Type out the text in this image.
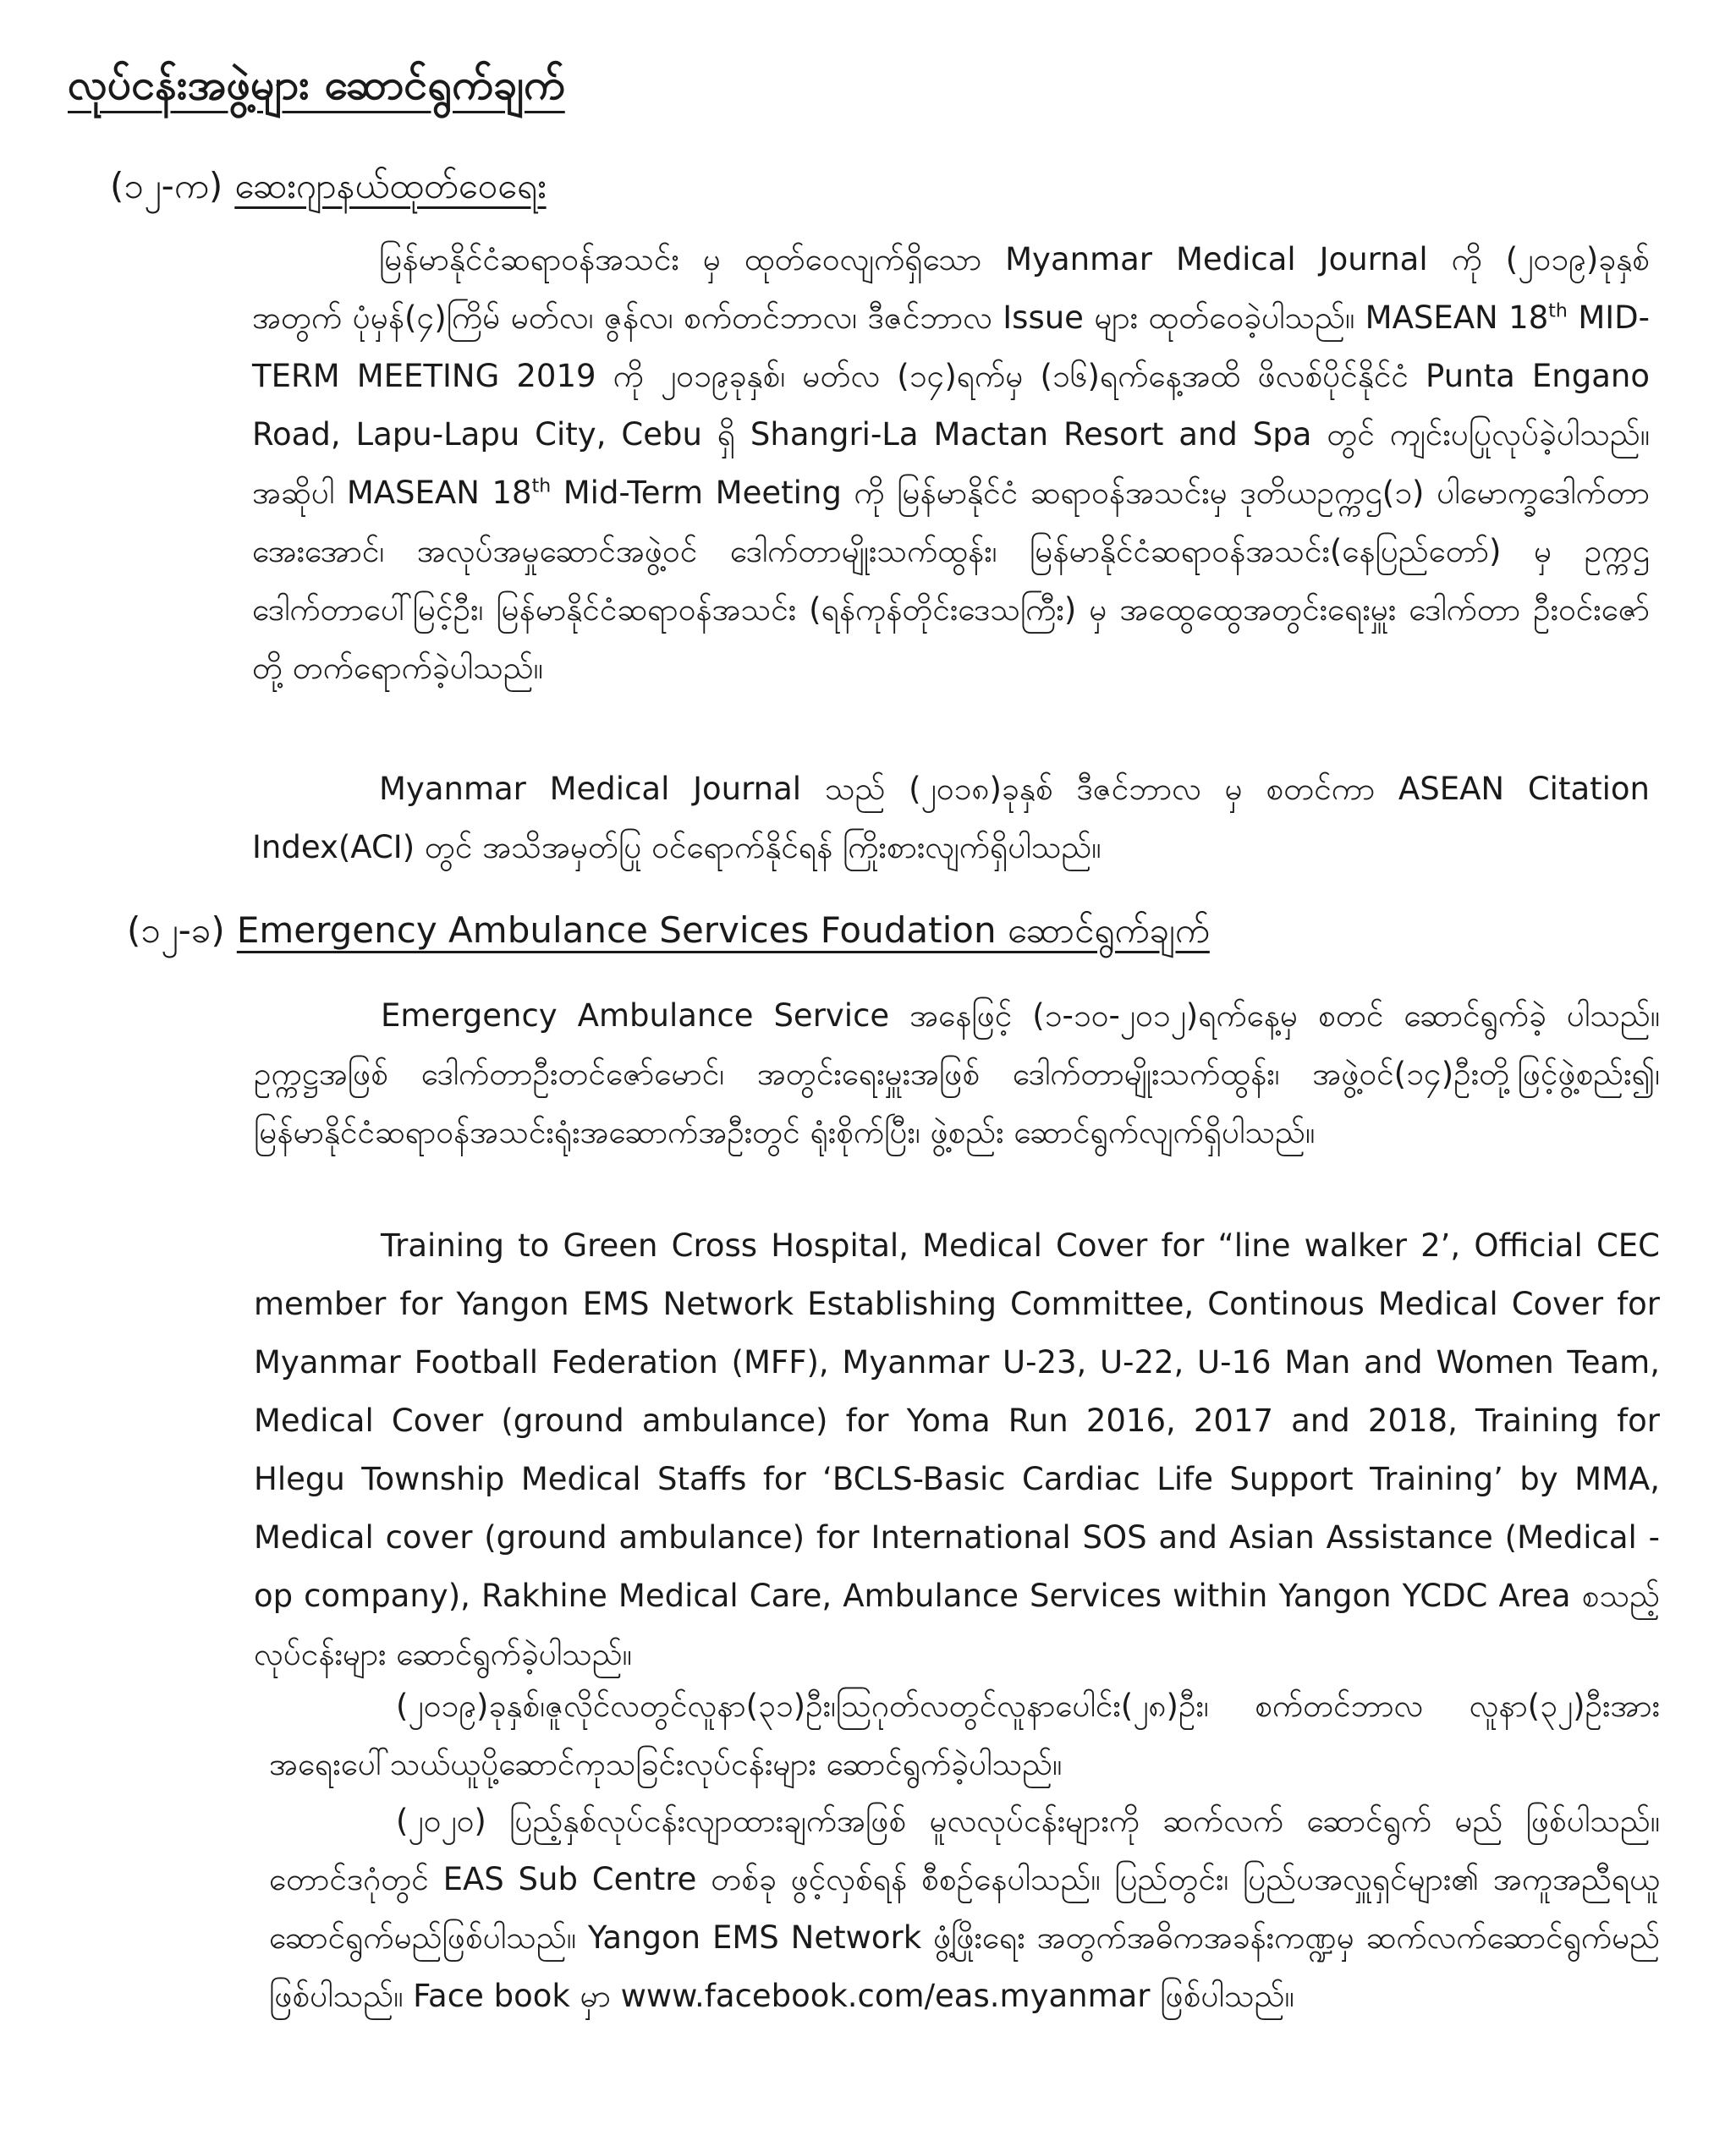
လုပ်ငန်းအဖွဲ့များ ဆောင်ရွက်ချက်
(၁၂-က) ဆေးဂျာနယ်ထုတ်ဝေရေး
မြန်မာနိုင်ငံဆရာဝန်အသင်း မှ ထုတ်ဝေလျက်ရှိသော Myanmar Medical Journal ကို (၂၀၁၉)ခုနှစ် အတွက် ပုံမှန်(၄)ကြိမ် မတ်လ၊ ဇွန်လ၊ စက်တင်ဘာလ၊ ဒီဇင်ဘာလ Issue များ ထုတ်ဝေခဲ့ပါသည်။ MASEAN 18th MID-TERM MEETING 2019 ကို ၂၀၁၉ခုနှစ်၊ မတ်လ (၁၄)ရက်မှ (၁၆)ရက်နေ့အထိ ဖိလစ်ပိုင်နိုင်ငံ Punta Engano Road, Lapu-Lapu City, Cebu ရှိ Shangri-La Mactan Resort and Spa တွင် ကျင်းပပြုလုပ်ခဲ့ပါသည်။ အဆိုပါ MASEAN 18th Mid-Term Meeting ကို မြန်မာနိုင်ငံ ဆရာဝန်အသင်းမှ ဒုတိယဥက္ကဌ(၁) ပါမောက္ခဒေါက်တာအေးအောင်၊ အလုပ်အမှုဆောင်အဖွဲ့ဝင် ဒေါက်တာမျိုးသက်ထွန်း၊ မြန်မာနိုင်ငံဆရာဝန်အသင်း(နေပြည်တော်) မှ ဥက္ကဌ ဒေါက်တာပေါ်မြင့်ဦး၊ မြန်မာနိုင်ငံဆရာဝန်အသင်း (ရန်ကုန်တိုင်းဒေသကြီး) မှ အထွေထွေအတွင်းရေးမှူး ဒေါက်တာ ဦးဝင်းဇော် တို့ တက်ရောက်ခဲ့ပါသည်။
Myanmar Medical Journal သည် (၂၀၁၈)ခုနှစ် ဒီဇင်ဘာလ မှ စတင်ကာ ASEAN Citation Index(ACI) တွင် အသိအမှတ်ပြု ဝင်ရောက်နိုင်ရန် ကြိုးစားလျက်ရှိပါသည်။
(၁၂-ခ) Emergency Ambulance Services Foudation ဆောင်ရွက်ချက်
Emergency Ambulance Service အနေဖြင့် (၁-၁၀-၂၀၁၂)ရက်နေ့မှ စတင် ဆောင်ရွက်ခဲ့ ပါသည်။ ဥက္ကဋ္ဌအဖြစ် ဒေါက်တာဦးတင်ဇော်မောင်၊ အတွင်းရေးမှူးအဖြစ် ဒေါက်တာမျိုးသက်ထွန်း၊ အဖွဲ့ဝင်(၁၄)ဦးတို့ဖြင့်ဖွဲ့စည်း၍၊ မြန်မာနိုင်ငံဆရာဝန်အသင်းရုံးအဆောက်အဦးတွင် ရုံးစိုက်ပြီး၊ ဖွဲ့စည်း ဆောင်ရွက်လျက်ရှိပါသည်။
Training to Green Cross Hospital, Medical Cover for “line walker 2’, Official CEC member for Yangon EMS Network Establishing Committee, Continous Medical Cover for Myanmar Football Federation (MFF), Myanmar U-23, U-22, U-16 Man and Women Team, Medical Cover (ground ambulance) for Yoma Run 2016, 2017 and 2018, Training for Hlegu Township Medical Staffs for ‘BCLS-Basic Cardiac Life Support Training’ by MMA, Medical cover (ground ambulance) for International SOS and Asian Assistance (Medical -op company), Rakhine Medical Care, Ambulance Services within Yangon YCDC Area စသည့်လုပ်ငန်းများ ဆောင်ရွက်ခဲ့ပါသည်။
(၂၀၁၉)ခုနှစ်၊ဇူလိုင်လတွင်လူနာ(၃၁)ဦး၊ဩဂုတ်လတွင်လူနာပေါင်း(၂၈)ဦး၊ စက်တင်ဘာလ လူနာ(၃၂)ဦးအား အရေးပေါ်သယ်ယူပို့ဆောင်ကုသခြင်းလုပ်ငန်းများ ဆောင်ရွက်ခဲ့ပါသည်။
(၂၀၂၀) ပြည့်နှစ်လုပ်ငန်းလျာထားချက်အဖြစ် မူလလုပ်ငန်းများကို ဆက်လက် ဆောင်ရွက် မည် ဖြစ်ပါသည်။ တောင်ဒဂုံတွင် EAS Sub Centre တစ်ခု ဖွင့်လှစ်ရန် စီစဉ်နေပါသည်။ ပြည်တွင်း၊ ပြည်ပအလှူရှင်များ၏ အကူအညီရယူ ဆောင်ရွက်မည်ဖြစ်ပါသည်။ Yangon EMS Network ဖွံ့ဖြိုးရေး အတွက်အဓိကအခန်းကဏ္ဍမှ ဆက်လက်ဆောင်ရွက်မည်ဖြစ်ပါသည်။ Face book မှာ www.facebook.com/eas.myanmar ဖြစ်ပါသည်။
